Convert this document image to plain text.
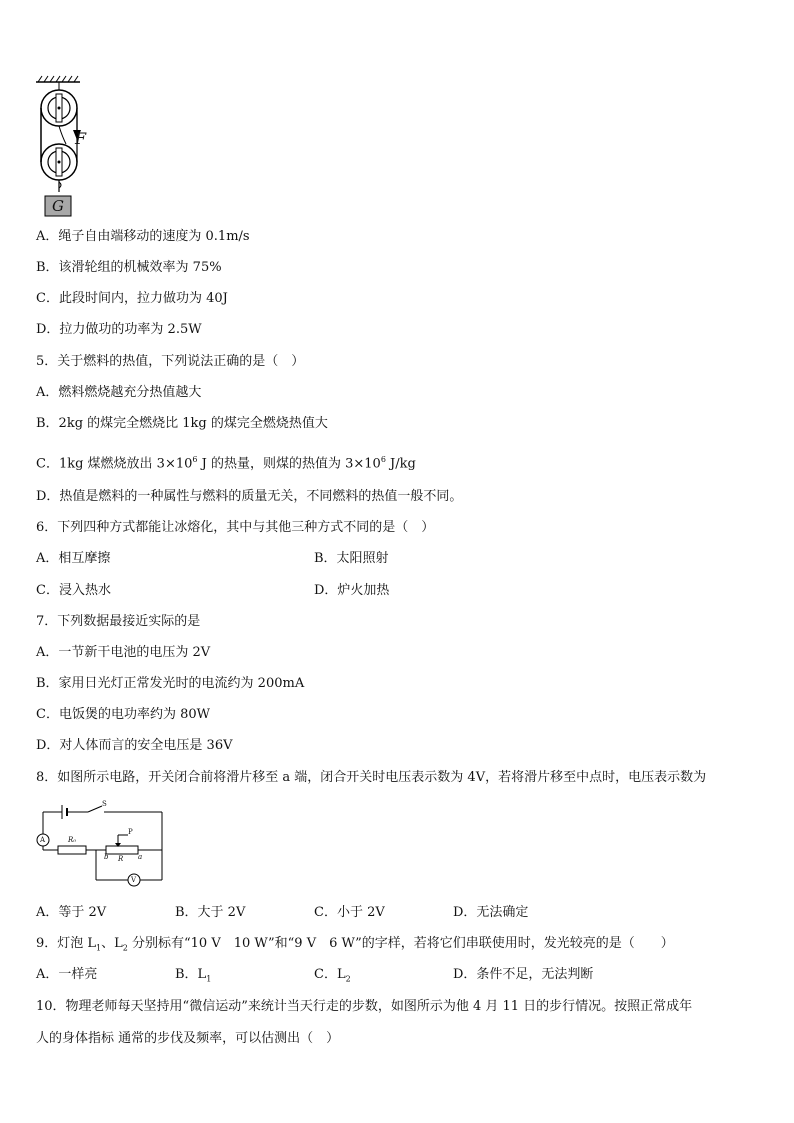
F
G
A．绳子自由端移动的速度为 0.1m/s
B．该滑轮组的机械效率为 75%
C．此段时间内，拉力做功为 40J
D．拉力做功的功率为 2.5W
5．关于燃料的热值，下列说法正确的是（　）
A．燃料燃烧越充分热值越大
B．2kg 的煤完全燃烧比 1kg 的煤完全燃烧热值大
C．1kg 煤燃烧放出 $3\times 10^6$ J 的热量，则煤的热值为 $3\times 10^6$ J/kg
D．热值是燃料的一种属性与燃料的质量无关，不同燃料的热值一般不同。
6．下列四种方式都能让冰熔化，其中与其他三种方式不同的是（　）
A．相互摩擦	B．太阳照射
C．浸入热水	D．炉火加热
7．下列数据最接近实际的是
A．一节新干电池的电压为 2V
B．家用日光灯正常发光时的电流约为 200mA
C．电饭煲的电功率约为 80W
D．对人体而言的安全电压是 36V
8．如图所示电路，开关闭合前将滑片移至 a 端，闭合开关时电压表示数为 4V，若将滑片移至中点时，电压表示数为
S
A	R₀
P
b R a
V
A．等于 2V	B．大于 2V	C．小于 2V	D．无法确定
9．灯泡 $L_1$、$L_2$ 分别标有“10 V　10 W”和“9 V　6 W”的字样，若将它们串联使用时，发光较亮的是（　　）
A．一样亮	B．$L_1$	C．$L_2$	D．条件不足，无法判断
10．物理老师每天坚持用“微信运动”来统计当天行走的步数，如图所示为他 4 月 11 日的步行情况。按照正常成年
人的身体指标 通常的步伐及频率，可以估测出（　）
